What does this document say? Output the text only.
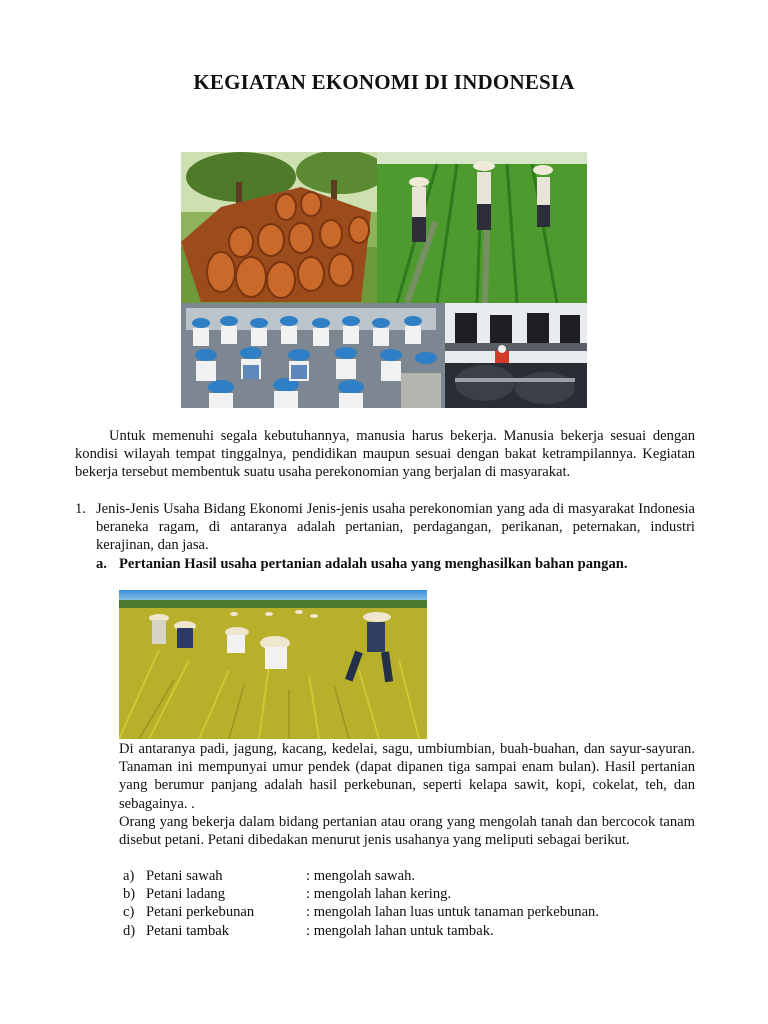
KEGIATAN EKONOMI DI INDONESIA
Untuk memenuhi segala kebutuhannya, manusia harus bekerja. Manusia bekerja sesuai dengan kondisi wilayah tempat tinggalnya, pendidikan maupun sesuai dengan bakat ketrampilannya. Kegiatan bekerja tersebut membentuk suatu usaha perekonomian yang berjalan di masyarakat.
1. Jenis-Jenis Usaha Bidang Ekonomi Jenis-jenis usaha perekonomian yang ada di masyarakat Indonesia beraneka ragam, di antaranya adalah pertanian, perdagangan, perikanan, peternakan, industri kerajinan, dan jasa.
a. Pertanian Hasil usaha pertanian adalah usaha yang menghasilkan bahan pangan.
Di antaranya padi, jagung, kacang, kedelai, sagu, umbiumbian, buah-buahan, dan sayur-sayuran. Tanaman ini mempunyai umur pendek (dapat dipanen tiga sampai enam bulan). Hasil pertanian yang berumur panjang adalah hasil perkebunan, seperti kelapa sawit, kopi, cokelat, teh, dan sebagainya. .
Orang yang bekerja dalam bidang pertanian atau orang yang mengolah tanah dan bercocok tanam disebut petani. Petani dibedakan menurut jenis usahanya yang meliputi sebagai berikut.
a) Petani sawah	: mengolah sawah.
b) Petani ladang	: mengolah lahan kering.
c) Petani perkebunan	: mengolah lahan luas untuk tanaman perkebunan.
d) Petani tambak	: mengolah lahan untuk tambak.
